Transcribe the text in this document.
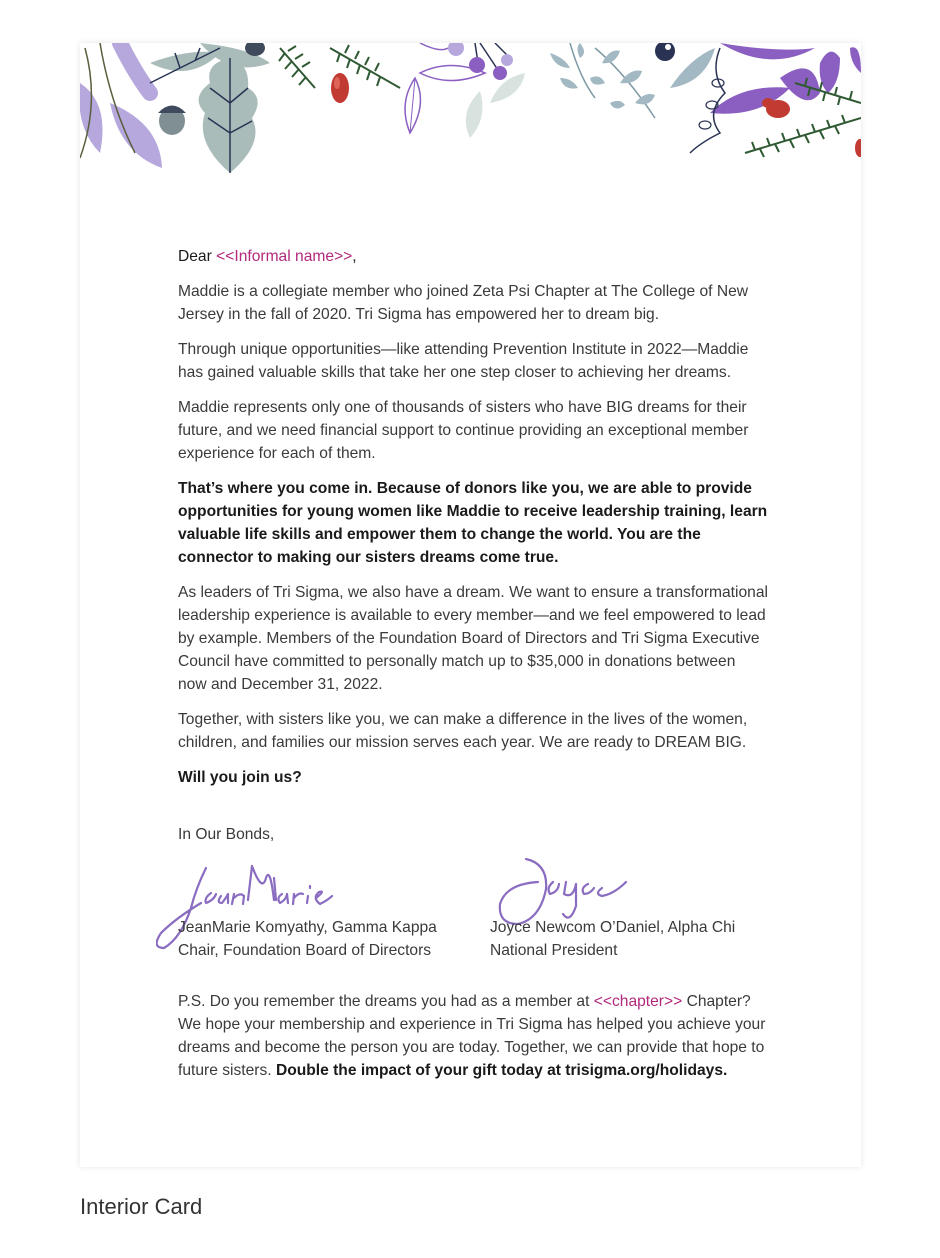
Dear <<Informal name>>,

Maddie is a collegiate member who joined Zeta Psi Chapter at The College of New Jersey in the fall of 2020. Tri Sigma has empowered her to dream big.

Through unique opportunities—like attending Prevention Institute in 2022—Maddie has gained valuable skills that take her one step closer to achieving her dreams.

Maddie represents only one of thousands of sisters who have BIG dreams for their future, and we need financial support to continue providing an exceptional member experience for each of them.

That’s where you come in. Because of donors like you, we are able to provide opportunities for young women like Maddie to receive leadership training, learn valuable life skills and empower them to change the world. You are the connector to making our sisters dreams come true.

As leaders of Tri Sigma, we also have a dream. We want to ensure a transformational leadership experience is available to every member—and we feel empowered to lead by example. Members of the Foundation Board of Directors and Tri Sigma Executive Council have committed to personally match up to $35,000 in donations between now and December 31, 2022.

Together, with sisters like you, we can make a difference in the lives of the women, children, and families our mission serves each year. We are ready to DREAM BIG.

Will you join us?

In Our Bonds,

JeanMarie Komyathy, Gamma Kappa
Chair, Foundation Board of Directors
Joyce Newcom O’Daniel, Alpha Chi
National President

P.S. Do you remember the dreams you had as a member at <<chapter>> Chapter? We hope your membership and experience in Tri Sigma has helped you achieve your dreams and become the person you are today. Together, we can provide that hope to future sisters. Double the impact of your gift today at trisigma.org/holidays.

Interior Card
